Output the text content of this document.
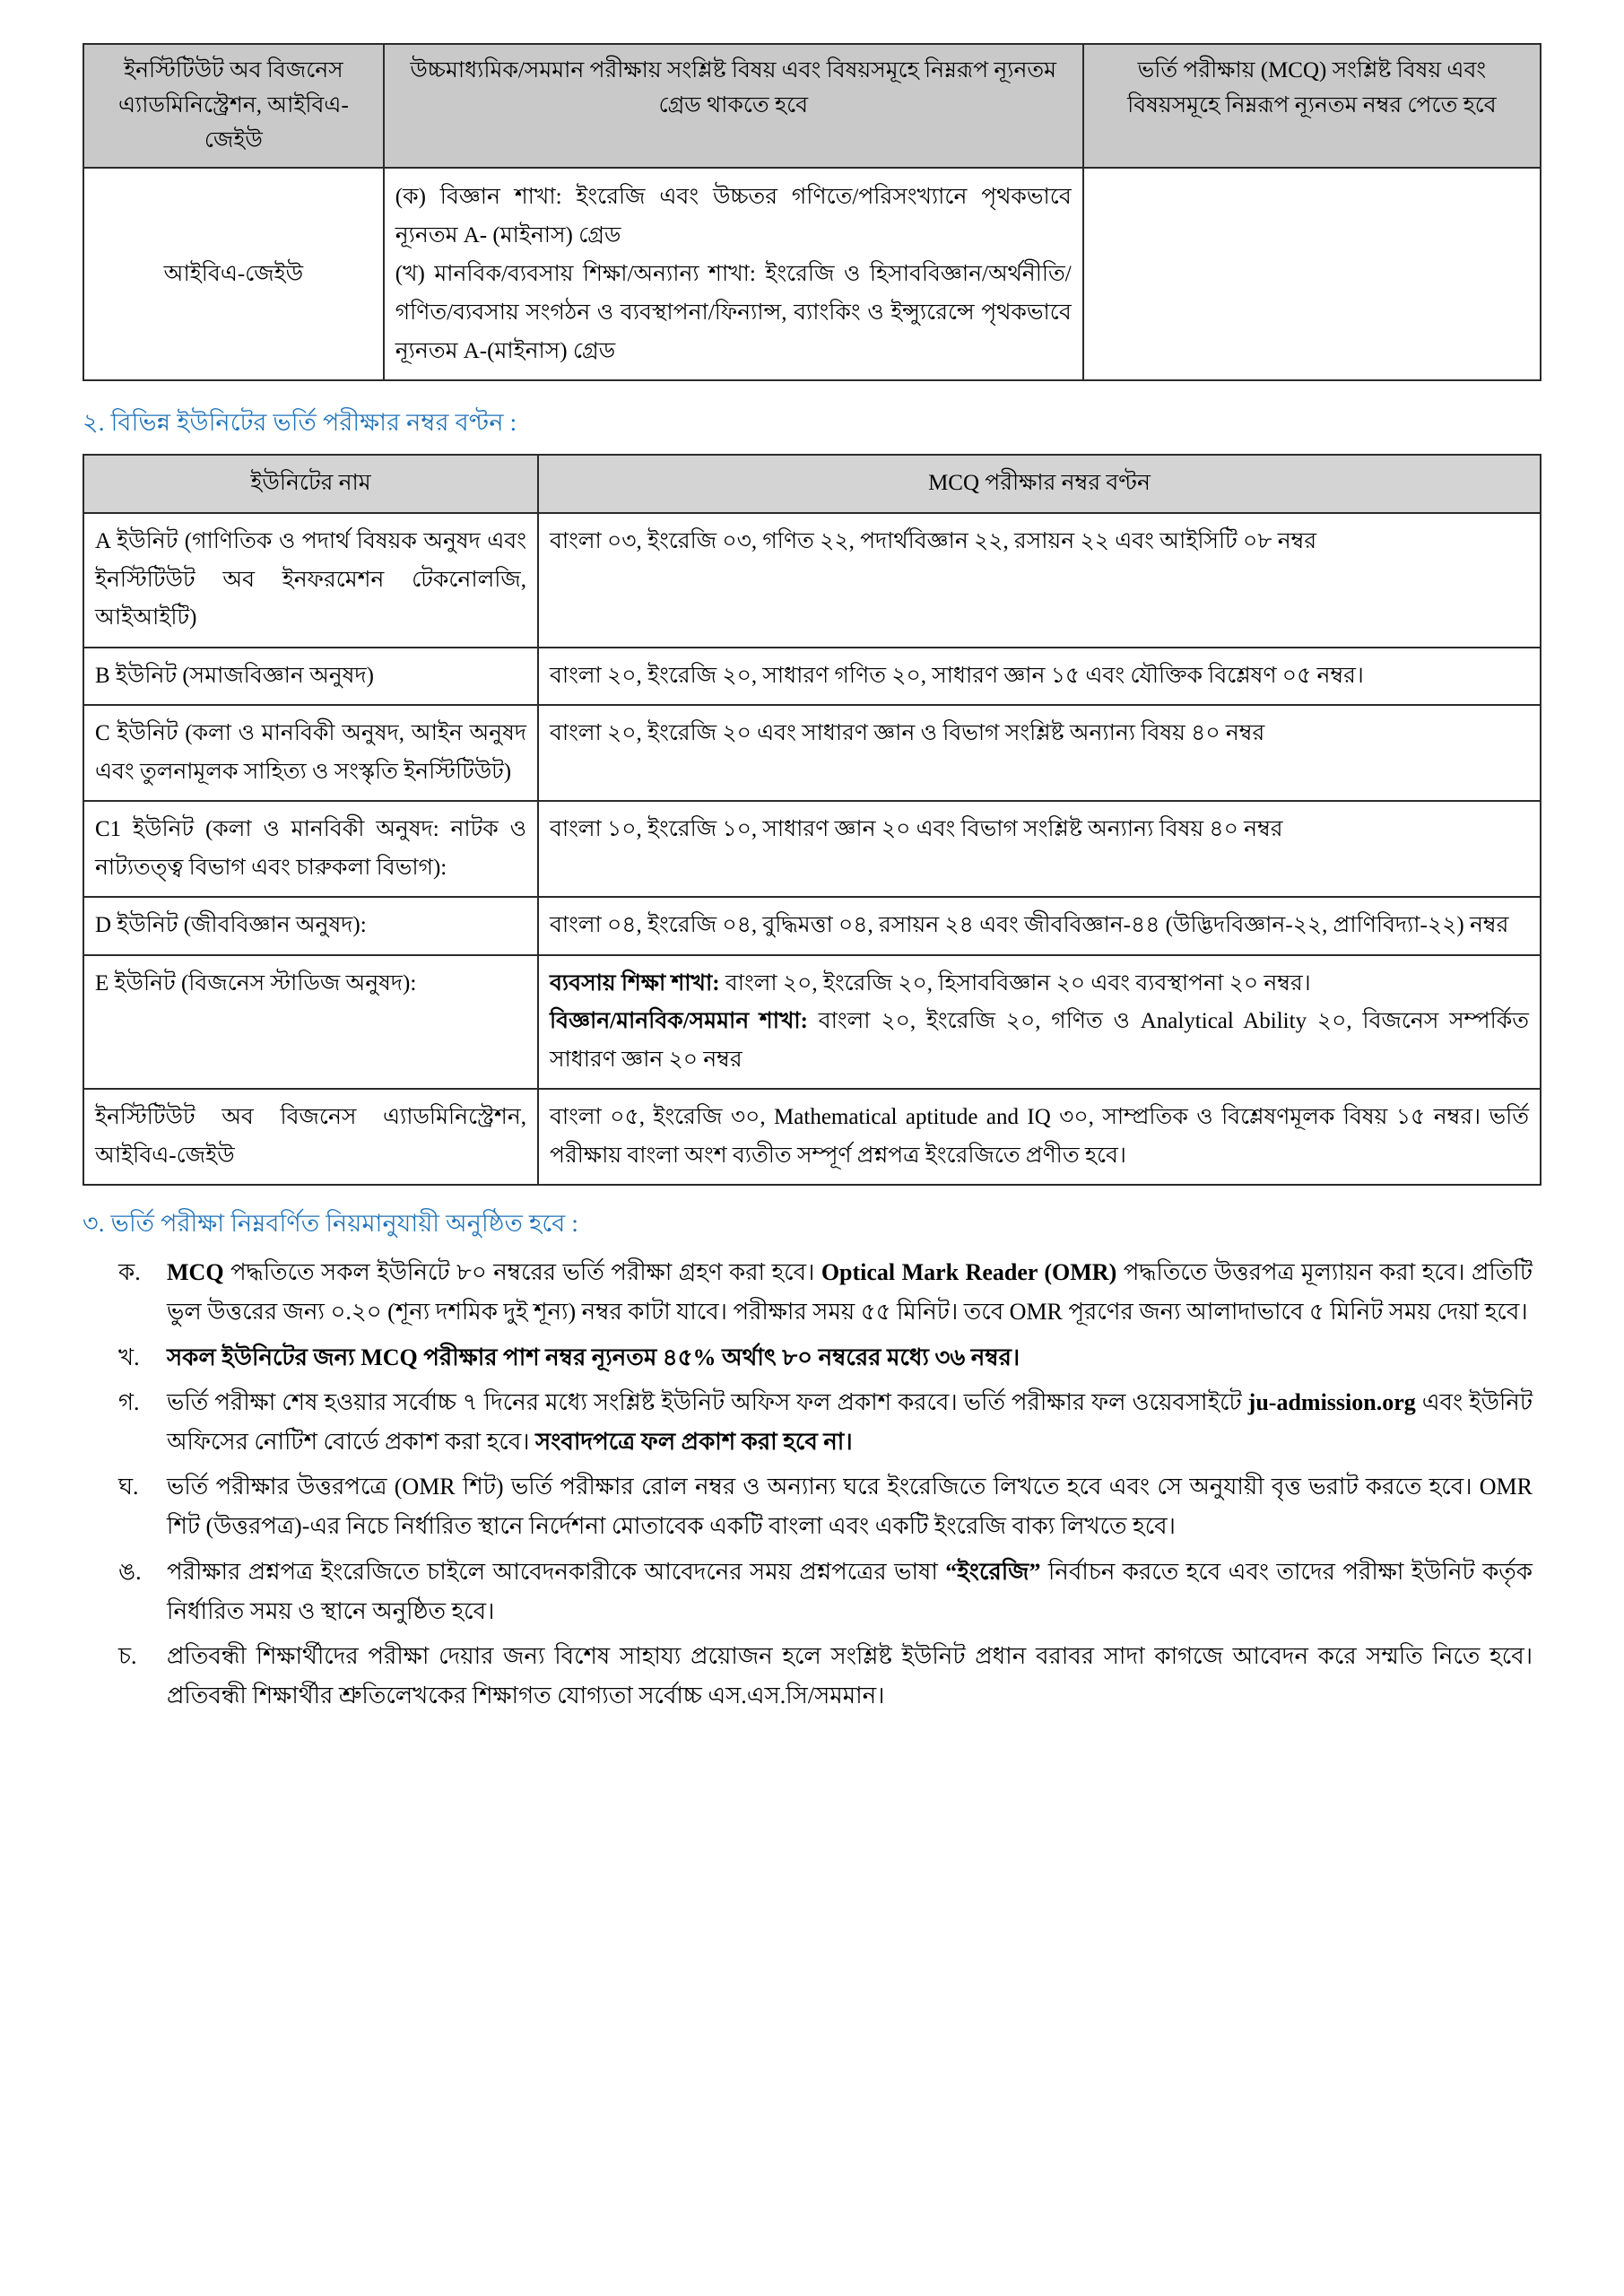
ইনস্টিটিউট অব বিজনেস এ্যাডমিনিস্ট্রেশন, আইবিএ-জেইউ	উচ্চমাধ্যমিক/সমমান পরীক্ষায় সংশ্লিষ্ট বিষয় এবং বিষয়সমূহে নিম্নরূপ ন্যূনতম গ্রেড থাকতে হবে	ভর্তি পরীক্ষায় (MCQ) সংশ্লিষ্ট বিষয় এবং বিষয়সমূহে নিম্নরূপ ন্যূনতম নম্বর পেতে হবে
আইবিএ-জেইউ	(ক) বিজ্ঞান শাখা: ইংরেজি এবং উচ্চতর গণিতে/পরিসংখ্যানে পৃথকভাবে ন্যূনতম A- (মাইনাস) গ্রেড
(খ) মানবিক/ব্যবসায় শিক্ষা/অন্যান্য শাখা: ইংরেজি ও হিসাববিজ্ঞান/অর্থনীতি/গণিত/ব্যবসায় সংগঠন ও ব্যবস্থাপনা/ফিন্যান্স, ব্যাংকিং ও ইন্স্যুরেন্সে পৃথকভাবে ন্যূনতম A-(মাইনাস) গ্রেড	

২. বিভিন্ন ইউনিটের ভর্তি পরীক্ষার নম্বর বণ্টন :
ইউনিটের নাম	MCQ পরীক্ষার নম্বর বণ্টন
A ইউনিট (গাণিতিক ও পদার্থ বিষয়ক অনুষদ এবং ইনস্টিটিউট অব ইনফরমেশন টেকনোলজি, আইআইটি)	বাংলা ০৩, ইংরেজি ০৩, গণিত ২২, পদার্থবিজ্ঞান ২২, রসায়ন ২২ এবং আইসিটি ০৮ নম্বর
B ইউনিট (সমাজবিজ্ঞান অনুষদ)	বাংলা ২০, ইংরেজি ২০, সাধারণ গণিত ২০, সাধারণ জ্ঞান ১৫ এবং যৌক্তিক বিশ্লেষণ ০৫ নম্বর।
C ইউনিট (কলা ও মানবিকী অনুষদ, আইন অনুষদ এবং তুলনামূলক সাহিত্য ও সংস্কৃতি ইনস্টিটিউট)	বাংলা ২০, ইংরেজি ২০ এবং সাধারণ জ্ঞান ও বিভাগ সংশ্লিষ্ট অন্যান্য বিষয় ৪০ নম্বর
C1 ইউনিট (কলা ও মানবিকী অনুষদ: নাটক ও নাট্যতত্ত্ব বিভাগ এবং চারুকলা বিভাগ):	বাংলা ১০, ইংরেজি ১০, সাধারণ জ্ঞান ২০ এবং বিভাগ সংশ্লিষ্ট অন্যান্য বিষয় ৪০ নম্বর
D ইউনিট (জীববিজ্ঞান অনুষদ):	বাংলা ০৪, ইংরেজি ০৪, বুদ্ধিমত্তা ০৪, রসায়ন ২৪ এবং জীববিজ্ঞান-৪৪ (উদ্ভিদবিজ্ঞান-২২, প্রাণিবিদ্যা-২২) নম্বর
E ইউনিট (বিজনেস স্টাডিজ অনুষদ):	ব্যবসায় শিক্ষা শাখা: বাংলা ২০, ইংরেজি ২০, হিসাববিজ্ঞান ২০ এবং ব্যবস্থাপনা ২০ নম্বর।
বিজ্ঞান/মানবিক/সমমান শাখা: বাংলা ২০, ইংরেজি ২০, গণিত ও Analytical Ability ২০, বিজনেস সম্পর্কিত সাধারণ জ্ঞান ২০ নম্বর

ইনস্টিটিউট অব বিজনেস এ্যাডমিনিস্ট্রেশন, আইবিএ-জেইউ	বাংলা ০৫, ইংরেজি ৩০, Mathematical aptitude and IQ ৩০, সাম্প্রতিক ও বিশ্লেষণমূলক বিষয় ১৫ নম্বর। ভর্তি পরীক্ষায় বাংলা অংশ ব্যতীত সম্পূর্ণ প্রশ্নপত্র ইংরেজিতে প্রণীত হবে।
৩. ভর্তি পরীক্ষা নিম্নবর্ণিত নিয়মানুযায়ী অনুষ্ঠিত হবে :
ক.	MCQ পদ্ধতিতে সকল ইউনিটে ৮০ নম্বরের ভর্তি পরীক্ষা গ্রহণ করা হবে। Optical Mark Reader (OMR) পদ্ধতিতে উত্তরপত্র মূল্যায়ন করা হবে। প্রতিটি ভুল উত্তরের জন্য ০.২০ (শূন্য দশমিক দুই শূন্য) নম্বর কাটা যাবে। পরীক্ষার সময় ৫৫ মিনিট। তবে OMR পূরণের জন্য আলাদাভাবে ৫ মিনিট সময় দেয়া হবে।
খ.	সকল ইউনিটের জন্য MCQ পরীক্ষার পাশ নম্বর ন্যূনতম ৪৫% অর্থাৎ ৮০ নম্বরের মধ্যে ৩৬ নম্বর।
গ.	ভর্তি পরীক্ষা শেষ হওয়ার সর্বোচ্চ ৭ দিনের মধ্যে সংশ্লিষ্ট ইউনিট অফিস ফল প্রকাশ করবে। ভর্তি পরীক্ষার ফল ওয়েবসাইটে ju-admission.org এবং ইউনিট অফিসের নোটিশ বোর্ডে প্রকাশ করা হবে। সংবাদপত্রে ফল প্রকাশ করা হবে না।
ঘ.	ভর্তি পরীক্ষার উত্তরপত্রে (OMR শিট) ভর্তি পরীক্ষার রোল নম্বর ও অন্যান্য ঘরে ইংরেজিতে লিখতে হবে এবং সে অনুযায়ী বৃত্ত ভরাট করতে হবে। OMR শিট (উত্তরপত্র)-এর নিচে নির্ধারিত স্থানে নির্দেশনা মোতাবেক একটি বাংলা এবং একটি ইংরেজি বাক্য লিখতে হবে।
ঙ.	পরীক্ষার প্রশ্নপত্র ইংরেজিতে চাইলে আবেদনকারীকে আবেদনের সময় প্রশ্নপত্রের ভাষা “ইংরেজি” নির্বাচন করতে হবে এবং তাদের পরীক্ষা ইউনিট কর্তৃক নির্ধারিত সময় ও স্থানে অনুষ্ঠিত হবে।
চ.	প্রতিবন্ধী শিক্ষার্থীদের পরীক্ষা দেয়ার জন্য বিশেষ সাহায্য প্রয়োজন হলে সংশ্লিষ্ট ইউনিট প্রধান বরাবর সাদা কাগজে আবেদন করে সম্মতি নিতে হবে। প্রতিবন্ধী শিক্ষার্থীর শ্রুতিলেখকের শিক্ষাগত যোগ্যতা সর্বোচ্চ এস.এস.সি/সমমান।
